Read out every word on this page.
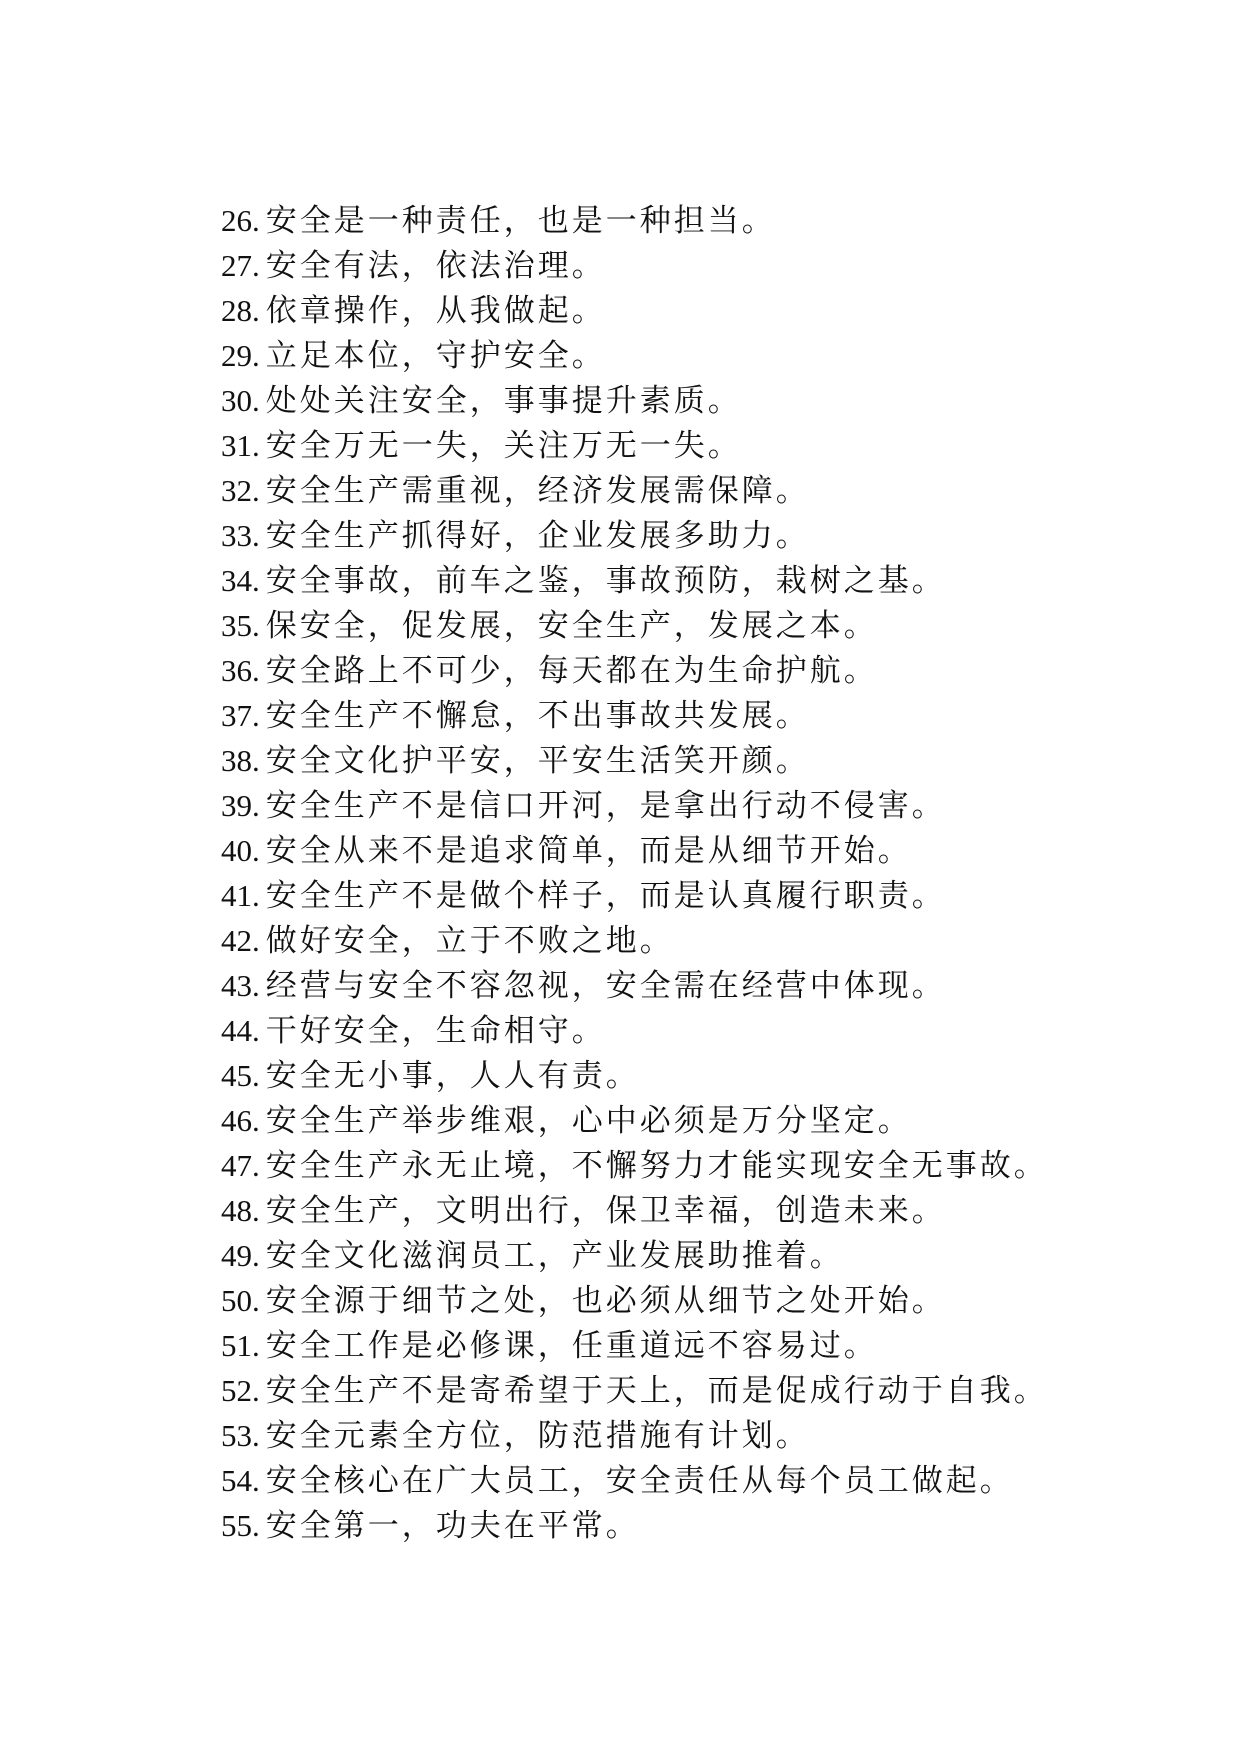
26. 安全是一种责任，也是一种担当。
27. 安全有法，依法治理。
28. 依章操作，从我做起。
29. 立足本位，守护安全。
30. 处处关注安全，事事提升素质。
31. 安全万无一失，关注万无一失。
32. 安全生产需重视，经济发展需保障。
33. 安全生产抓得好，企业发展多助力。
34. 安全事故，前车之鉴，事故预防，栽树之基。
35. 保安全，促发展，安全生产，发展之本。
36. 安全路上不可少，每天都在为生命护航。
37. 安全生产不懈怠，不出事故共发展。
38. 安全文化护平安，平安生活笑开颜。
39. 安全生产不是信口开河，是拿出行动不侵害。
40. 安全从来不是追求简单，而是从细节开始。
41. 安全生产不是做个样子，而是认真履行职责。
42. 做好安全，立于不败之地。
43. 经营与安全不容忽视，安全需在经营中体现。
44. 干好安全，生命相守。
45. 安全无小事，人人有责。
46. 安全生产举步维艰，心中必须是万分坚定。
47. 安全生产永无止境，不懈努力才能实现安全无事故。
48. 安全生产，文明出行，保卫幸福，创造未来。
49. 安全文化滋润员工，产业发展助推着。
50. 安全源于细节之处，也必须从细节之处开始。
51. 安全工作是必修课，任重道远不容易过。
52. 安全生产不是寄希望于天上，而是促成行动于自我。
53. 安全元素全方位，防范措施有计划。
54. 安全核心在广大员工，安全责任从每个员工做起。
55. 安全第一，功夫在平常。
